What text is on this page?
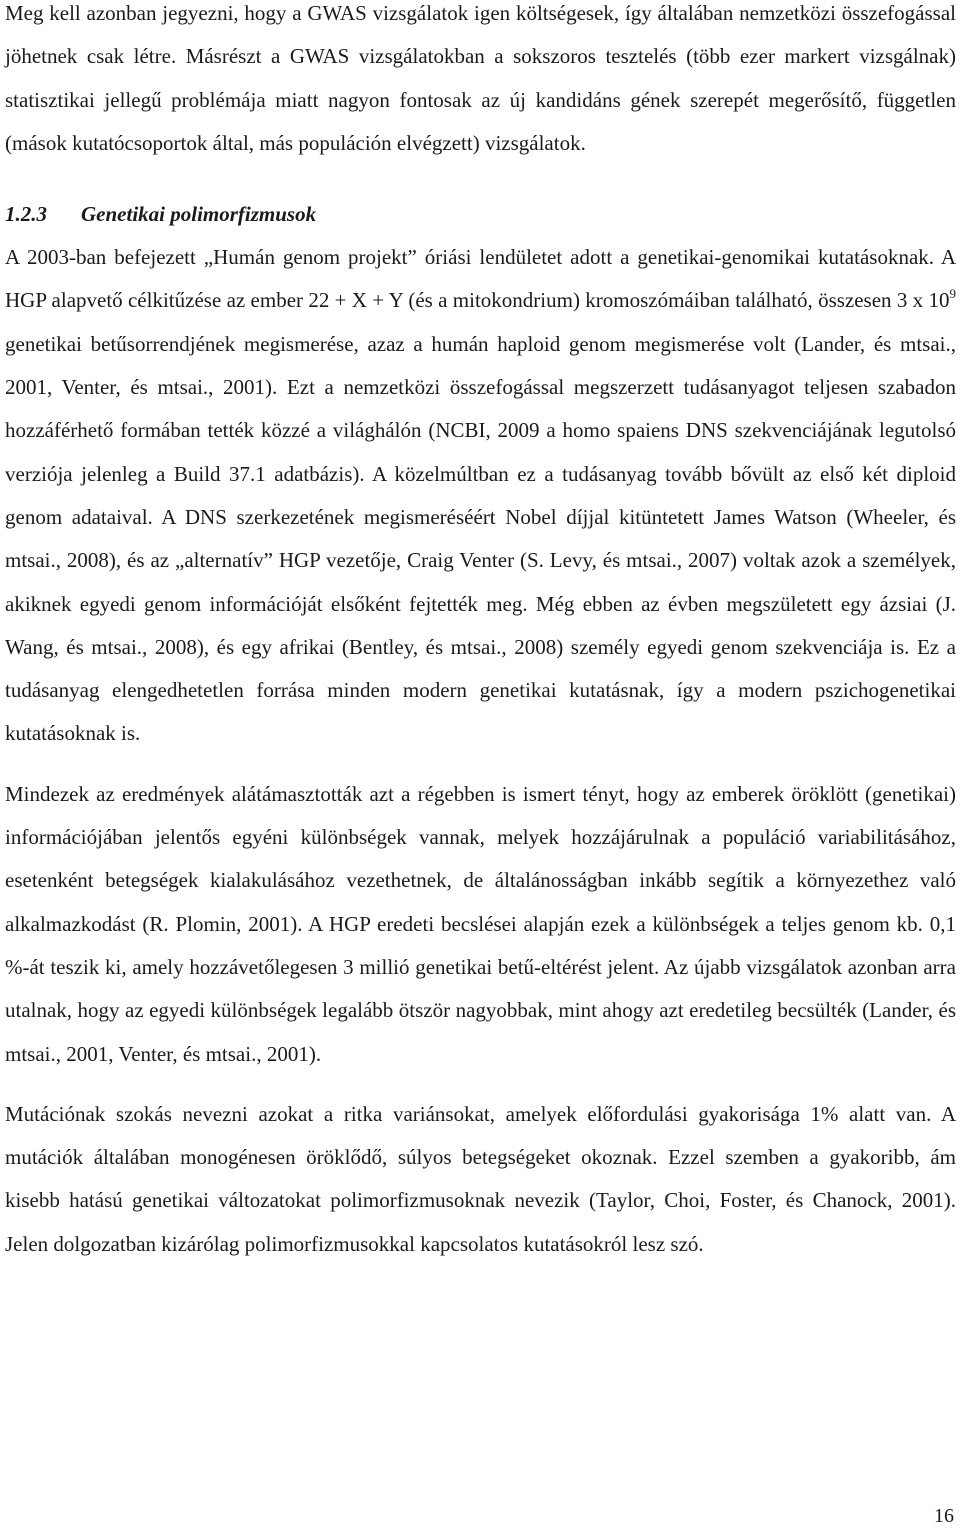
Meg kell azonban jegyezni, hogy a GWAS vizsgálatok igen költségesek, így általában nemzetközi összefogással jöhetnek csak létre. Másrészt a GWAS vizsgálatokban a sokszoros tesztelés (több ezer markert vizsgálnak) statisztikai jellegű problémája miatt nagyon fontosak az új kandidáns gének szerepét megerősítő, független (mások kutatócsoportok által, más populáción elvégzett) vizsgálatok.

1.2.3 Genetikai polimorfizmusok

A 2003-ban befejezett „Humán genom projekt” óriási lendületet adott a genetikai-genomikai kutatásoknak. A HGP alapvető célkitűzése az ember 22 + X + Y (és a mitokondrium) kromoszómáiban található, összesen 3 x $10^9$ genetikai betűsorrendjének megismerése, azaz a humán haploid genom megismerése volt (Lander, és mtsai., 2001, Venter, és mtsai., 2001). Ezt a nemzetközi összefogással megszerzett tudásanyagot teljesen szabadon hozzáférhető formában tették közzé a világhálón (NCBI, 2009 a homo spaiens DNS szekvenciájának legutolsó verziója jelenleg a Build 37.1 adatbázis). A közelmúltban ez a tudásanyag tovább bővült az első két diploid genom adataival. A DNS szerkezetének megismeréséért Nobel díjjal kitüntetett James Watson (Wheeler, és mtsai., 2008), és az „alternatív” HGP vezetője, Craig Venter (S. Levy, és mtsai., 2007) voltak azok a személyek, akiknek egyedi genom információját elsőként fejtették meg. Még ebben az évben megszületett egy ázsiai (J. Wang, és mtsai., 2008), és egy afrikai (Bentley, és mtsai., 2008) személy egyedi genom szekvenciája is. Ez a tudásanyag elengedhetetlen forrása minden modern genetikai kutatásnak, így a modern pszichogenetikai kutatásoknak is.

Mindezek az eredmények alátámasztották azt a régebben is ismert tényt, hogy az emberek öröklött (genetikai) információjában jelentős egyéni különbségek vannak, melyek hozzájárulnak a populáció variabilitásához, esetenként betegségek kialakulásához vezethetnek, de általánosságban inkább segítik a környezethez való alkalmazkodást (R. Plomin, 2001). A HGP eredeti becslései alapján ezek a különbségek a teljes genom kb. 0,1 %-át teszik ki, amely hozzávetőlegesen 3 millió genetikai betű-eltérést jelent. Az újabb vizsgálatok azonban arra utalnak, hogy az egyedi különbségek legalább ötször nagyobbak, mint ahogy azt eredetileg becsülték (Lander, és mtsai., 2001, Venter, és mtsai., 2001).

Mutációnak szokás nevezni azokat a ritka variánsokat, amelyek előfordulási gyakorisága 1% alatt van. A mutációk általában monogénesen öröklődő, súlyos betegségeket okoznak. Ezzel szemben a gyakoribb, ám kisebb hatású genetikai változatokat polimorfizmusoknak nevezik (Taylor, Choi, Foster, és Chanock, 2001). Jelen dolgozatban kizárólag polimorfizmusokkal kapcsolatos kutatásokról lesz szó.

16
